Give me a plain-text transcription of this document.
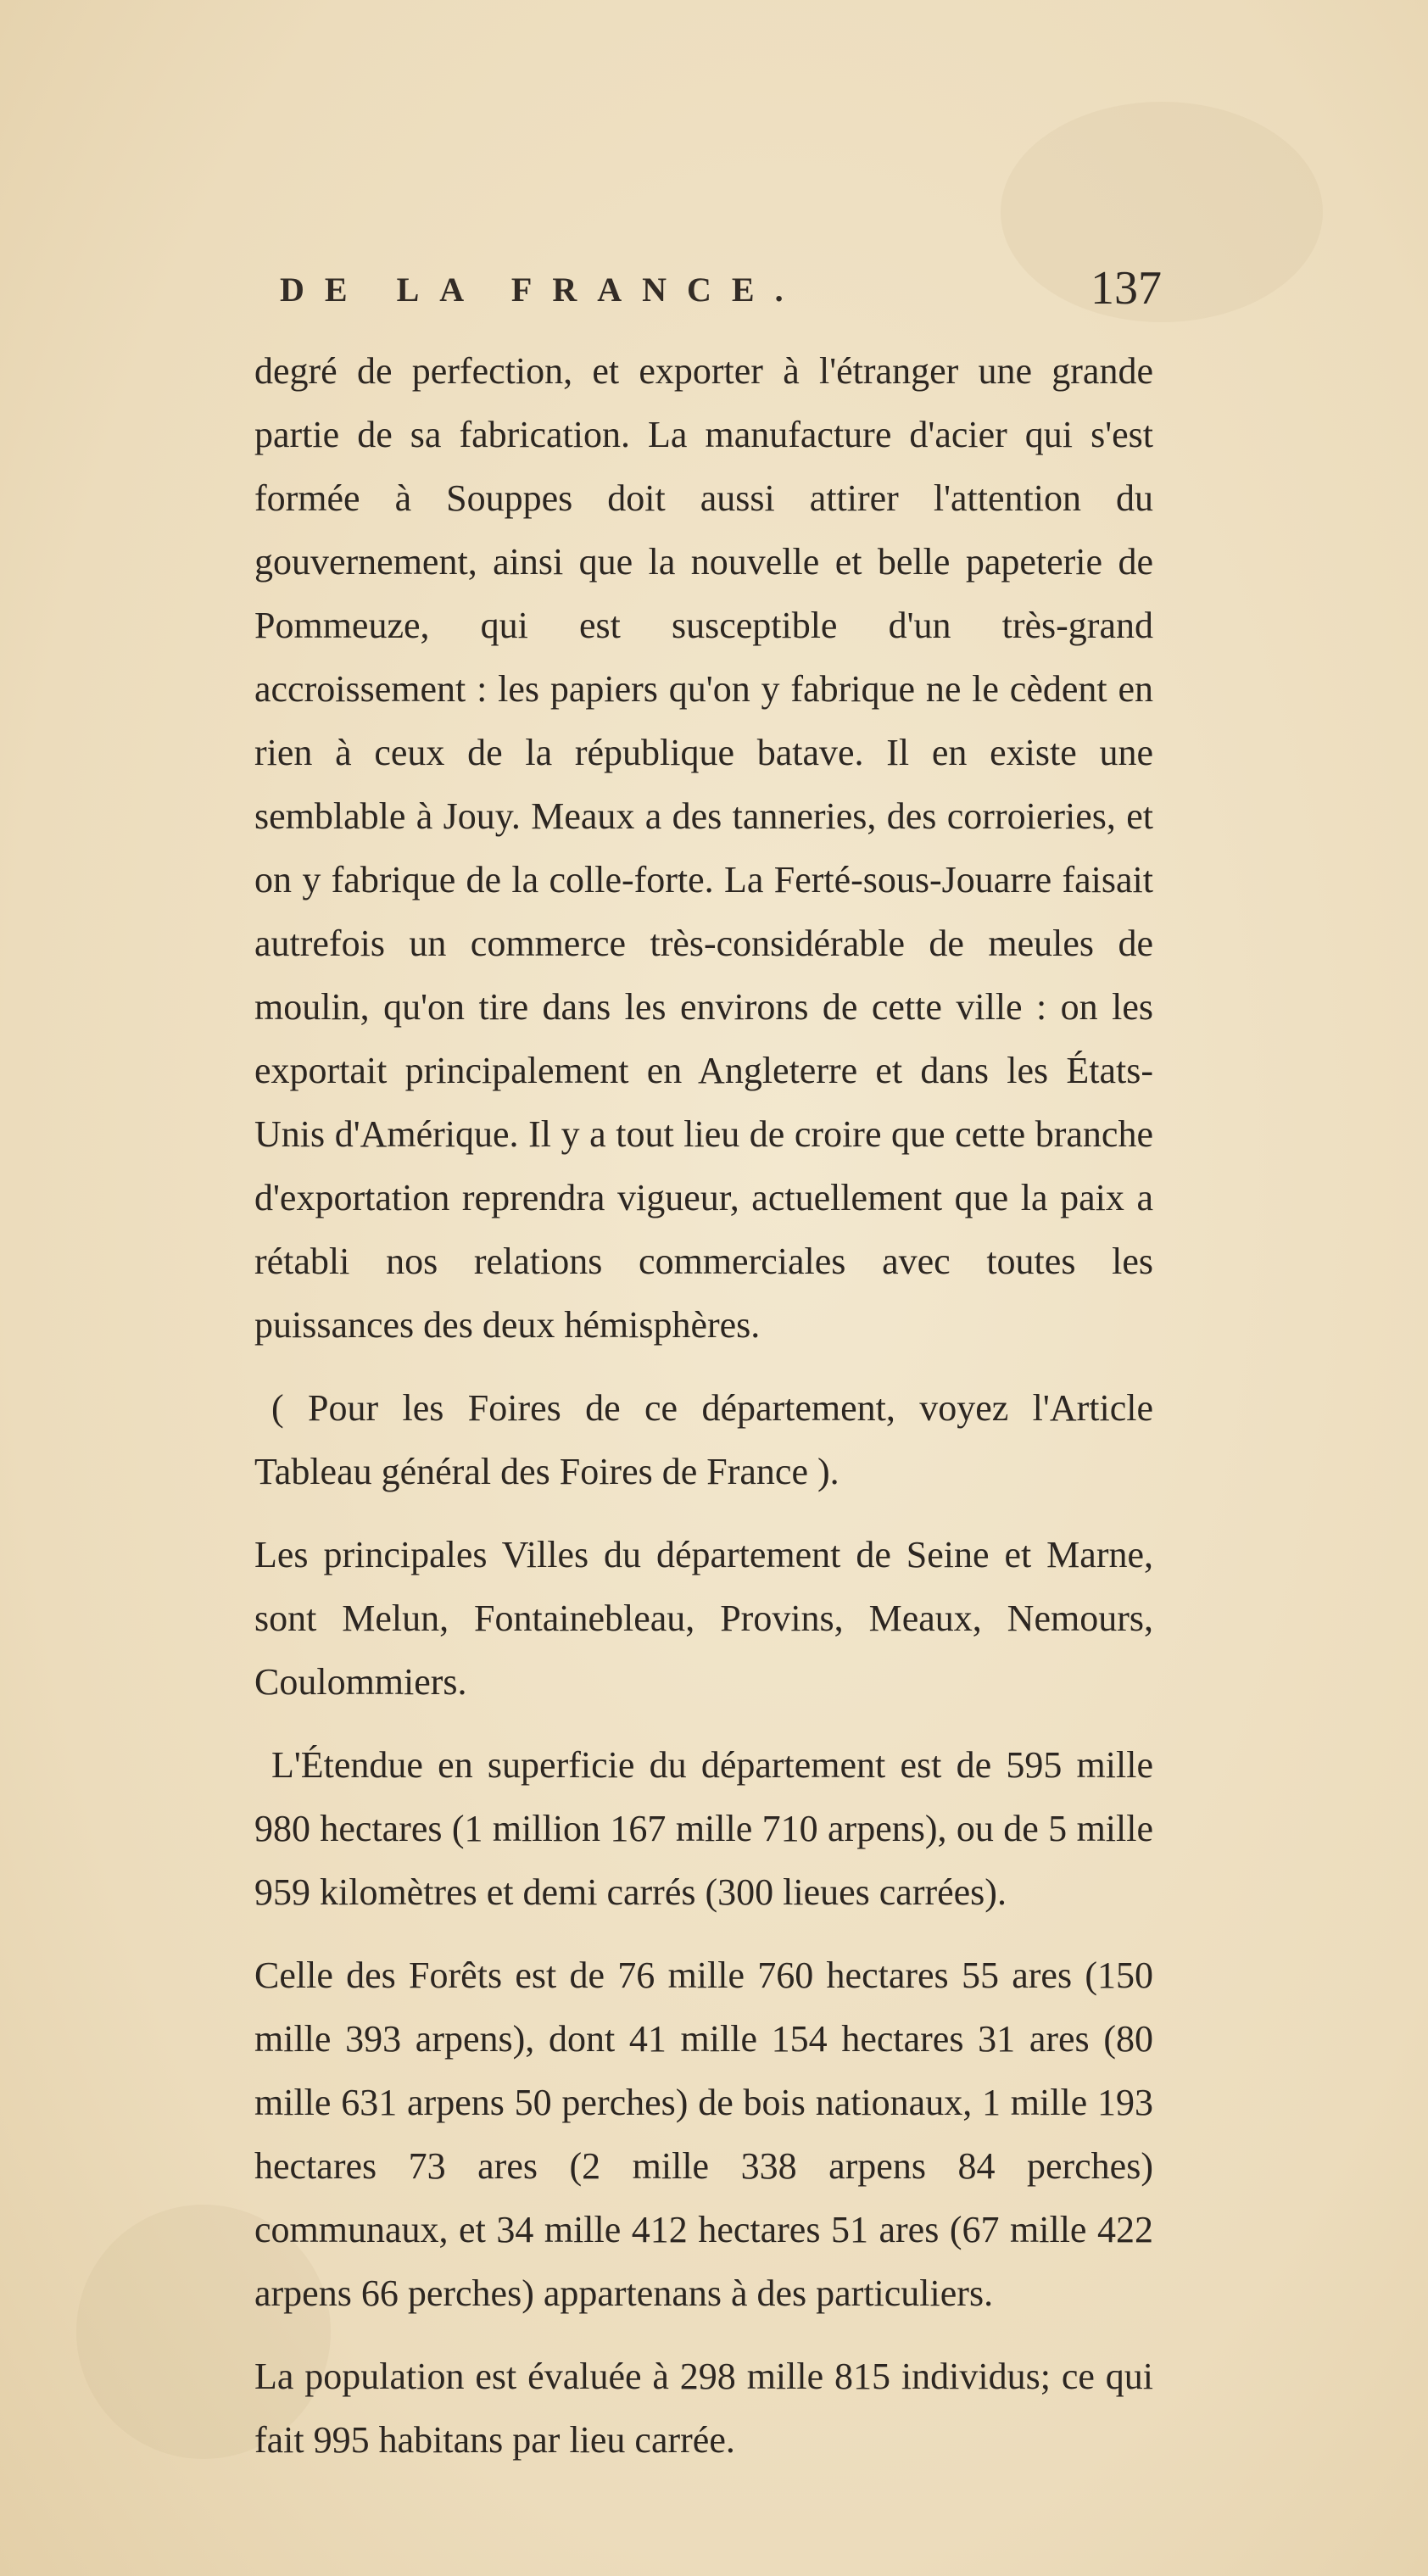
DE LA FRANCE.	137

degré de perfection, et exporter à l'étranger une grande partie de sa fabrication. La manufacture d'acier qui s'est formée à Souppes doit aussi attirer l'attention du gouvernement, ainsi que la nouvelle et belle papeterie de Pommeuze, qui est susceptible d'un très-grand accroissement : les papiers qu'on y fabrique ne le cèdent en rien à ceux de la république batave. Il en existe une semblable à Jouy. Meaux a des tanneries, des corroieries, et on y fabrique de la colle-forte. La Ferté-sous-Jouarre faisait autrefois un commerce très-considérable de meules de moulin, qu'on tire dans les environs de cette ville : on les exportait principalement en Angleterre et dans les États-Unis d'Amérique. Il y a tout lieu de croire que cette branche d'exportation reprendra vigueur, actuellement que la paix a rétabli nos relations commerciales avec toutes les puissances des deux hémisphères.

( Pour les Foires de ce département, voyez l'Article Tableau général des Foires de France ).

Les principales Villes du département de Seine et Marne, sont Melun, Fontainebleau, Provins, Meaux, Nemours, Coulommiers.

L'Étendue en superficie du département est de 595 mille 980 hectares (1 million 167 mille 710 arpens), ou de 5 mille 959 kilomètres et demi carrés (300 lieues carrées).

Celle des Forêts est de 76 mille 760 hectares 55 ares (150 mille 393 arpens), dont 41 mille 154 hectares 31 ares (80 mille 631 arpens 50 perches) de bois nationaux, 1 mille 193 hectares 73 ares (2 mille 338 arpens 84 perches) communaux, et 34 mille 412 hectares 51 ares (67 mille 422 arpens 66 perches) appartenans à des particuliers.

La population est évaluée à 298 mille 815 individus; ce qui fait 995 habitans par lieu carrée.
